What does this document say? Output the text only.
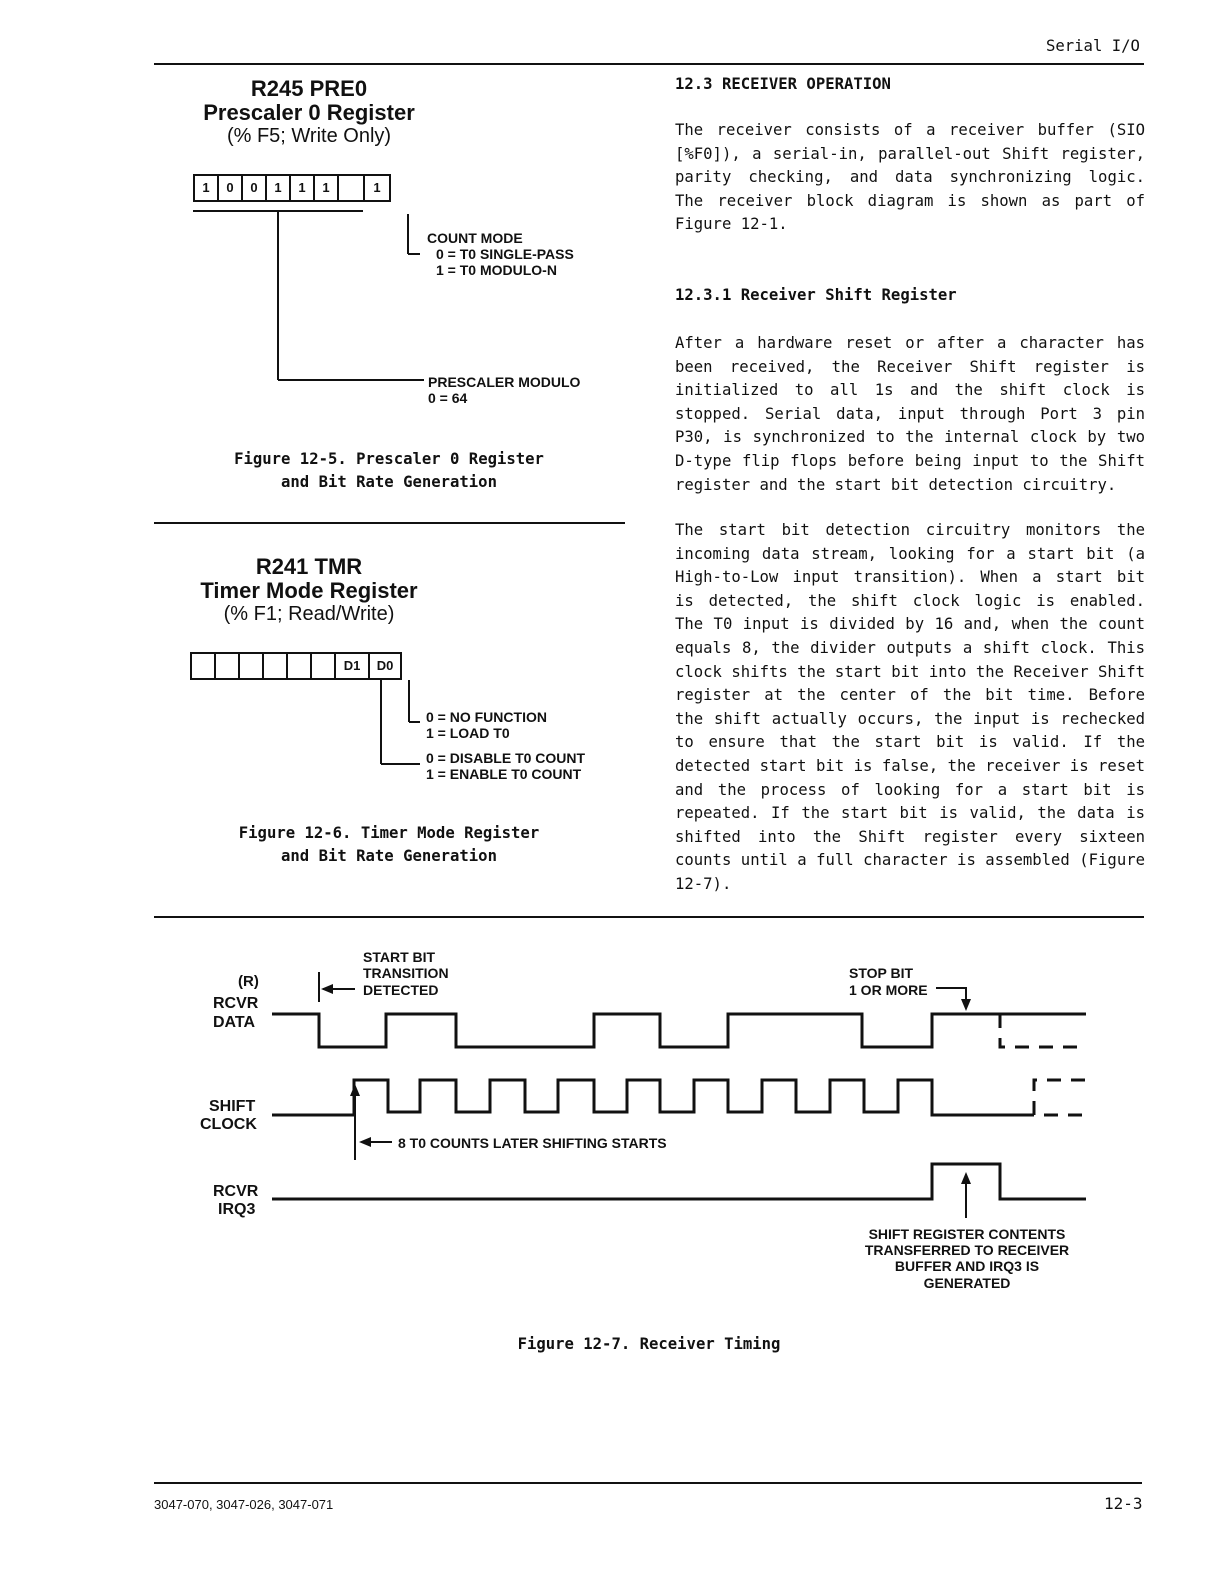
Serial I/O
R245 PRE0
Prescaler 0 Register
(% F5; Write Only)
1	0	0	1	1	1	1
COUNT MODE
0 = T0 SINGLE-PASS
1 = T0 MODULO-N
PRESCALER MODULO
0 = 64
Figure 12-5. Prescaler 0 Register
and Bit Rate Generation
R241 TMR
Timer Mode Register
(% F1; Read/Write)
D1	D0
0 = NO FUNCTION
1 = LOAD T0
0 = DISABLE T0 COUNT
1 = ENABLE T0 COUNT
Figure 12-6. Timer Mode Register
and Bit Rate Generation
12.3 RECEIVER OPERATION
The receiver consists of a receiver buffer (SIO
[%F0]), a serial-in, parallel-out Shift register,
parity checking, and data synchronizing logic.
The receiver block diagram is shown as part of
Figure 12-1.
12.3.1 Receiver Shift Register
After a hardware reset or after a character has
been received, the Receiver Shift register is
initialized to all 1s and the shift clock is
stopped. Serial data, input through Port 3 pin
P30, is synchronized to the internal clock by two
D-type flip flops before being input to the Shift
register and the start bit detection circuitry.
The start bit detection circuitry monitors the
incoming data stream, looking for a start bit (a
High-to-Low input transition). When a start bit
is detected, the shift clock logic is enabled.
The T0 input is divided by 16 and, when the count
equals 8, the divider outputs a shift clock. This
clock shifts the start bit into the Receiver Shift
register at the center of the bit time. Before
the shift actually occurs, the input is rechecked
to ensure that the start bit is valid. If the
detected start bit is false, the receiver is reset
and the process of looking for a start bit is
repeated. If the start bit is valid, the data is
shifted into the Shift register every sixteen
counts until a full character is assembled (Figure
12-7).
(R)
RCVR
DATA
START BIT
TRANSITION
DETECTED
STOP BIT
1 OR MORE
SHIFT
CLOCK
8 T0 COUNTS LATER SHIFTING STARTS
RCVR
IRQ3
SHIFT REGISTER CONTENTS
TRANSFERRED TO RECEIVER
BUFFER AND IRQ3 IS
GENERATED
Figure 12-7. Receiver Timing
3047-070, 3047-026, 3047-071	12-3
